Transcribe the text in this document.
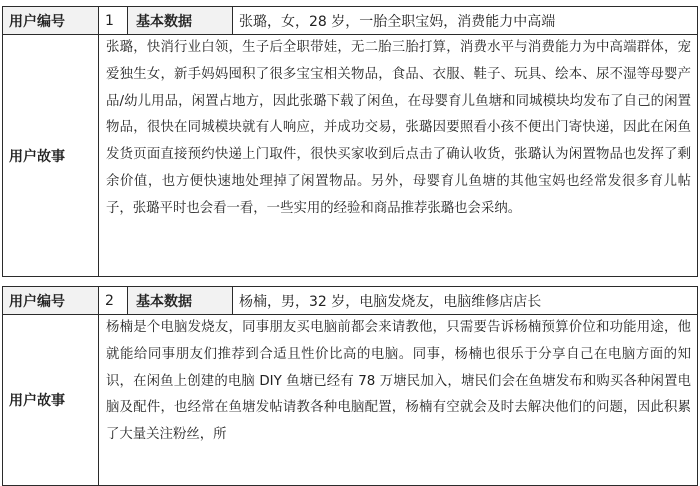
用户编号	1	基本数据	张璐，女，28 岁，一胎全职宝妈，消费能力中高端
用户故事	张璐，快消行业白领，生子后全职带娃，无二胎三胎打算，消费水平与消费能力为中高端群体，宠爱独生女，新手妈妈囤积了很多宝宝相关物品，食品、衣服、鞋子、玩具、绘本、尿不湿等母婴产品/幼儿用品，闲置占地方，因此张璐下载了闲鱼，在母婴育儿鱼塘和同城模块均发布了自己的闲置物品，很快在同城模块就有人响应，并成功交易，张璐因要照看小孩不便出门寄快递，因此在闲鱼发货页面直接预约快递上门取件，很快买家收到后点击了确认收货，张璐认为闲置物品也发挥了剩余价值，也方便快速地处理掉了闲置物品。另外，母婴育儿鱼塘的其他宝妈也经常发很多育儿帖子，张璐平时也会看一看，一些实用的经验和商品推荐张璐也会采纳。		
用户编号	2	基本数据	杨楠，男，32 岁，电脑发烧友，电脑维修店店长
用户故事	杨楠是个电脑发烧友，同事朋友买电脑前都会来请教他，只需要告诉杨楠预算价位和功能用途，他就能给同事朋友们推荐到合适且性价比高的电脑。同事，杨楠也很乐于分享自己在电脑方面的知识，在闲鱼上创建的电脑 DIY 鱼塘已经有 78 万塘民加入，塘民们会在鱼塘发布和购买各种闲置电脑及配件，也经常在鱼塘发帖请教各种电脑配置，杨楠有空就会及时去解决他们的问题，因此积累了大量关注粉丝，所		
